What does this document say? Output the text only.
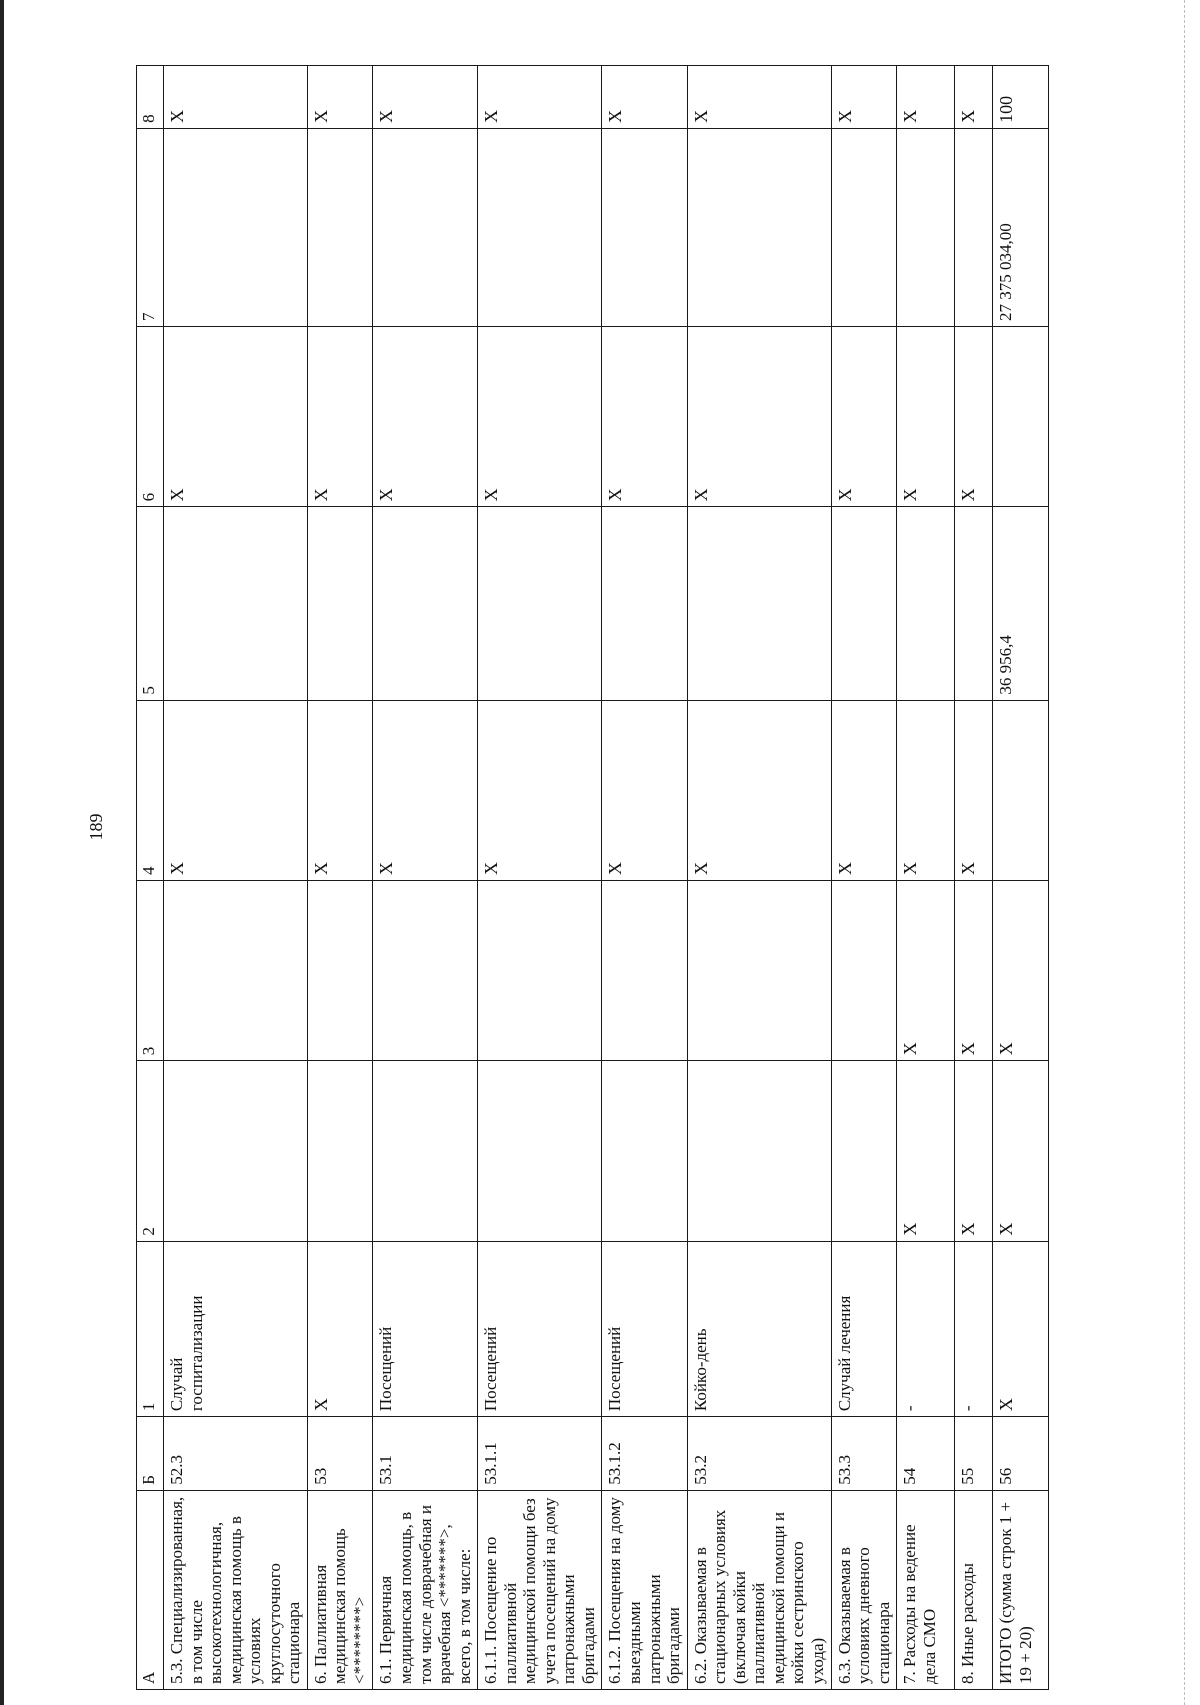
189
А	Б	1	2	3	4	5	6	7	8
5.3. Специализированная, в том числе высокотехнологичная, медицинская помощь в условиях круглосуточного стационара	52.3	Случай госпитализации			X		X		X
6. Паллиативная медицинская помощь <********>	53	X			X		X		X
6.1. Первичная медицинская помощь, в том числе доврачебная и врачебная <*******>, всего, в том числе:	53.1	Посещений			X		X		X
6.1.1. Посещение по паллиативной медицинской помощи без учета посещений на дому патронажными бригадами	53.1.1	Посещений			X		X		X
6.1.2. Посещения на дому выездными патронажными бригадами	53.1.2	Посещений			X		X		X
6.2. Оказываемая в стационарных условиях (включая койки паллиативной медицинской помощи и койки сестринского ухода)	53.2	Койко-день			X		X		X
6.3. Оказываемая в условиях дневного стационара	53.3	Случай лечения			X		X		X
7. Расходы на ведение дела СМО	54	-	X	X	X		X		X
8. Иные расходы	55	-	X	X	X		X		X
ИТОГО (сумма строк 1 + 19 + 20)	56	X	X	X		36 956,4		27 375 034,00	100
